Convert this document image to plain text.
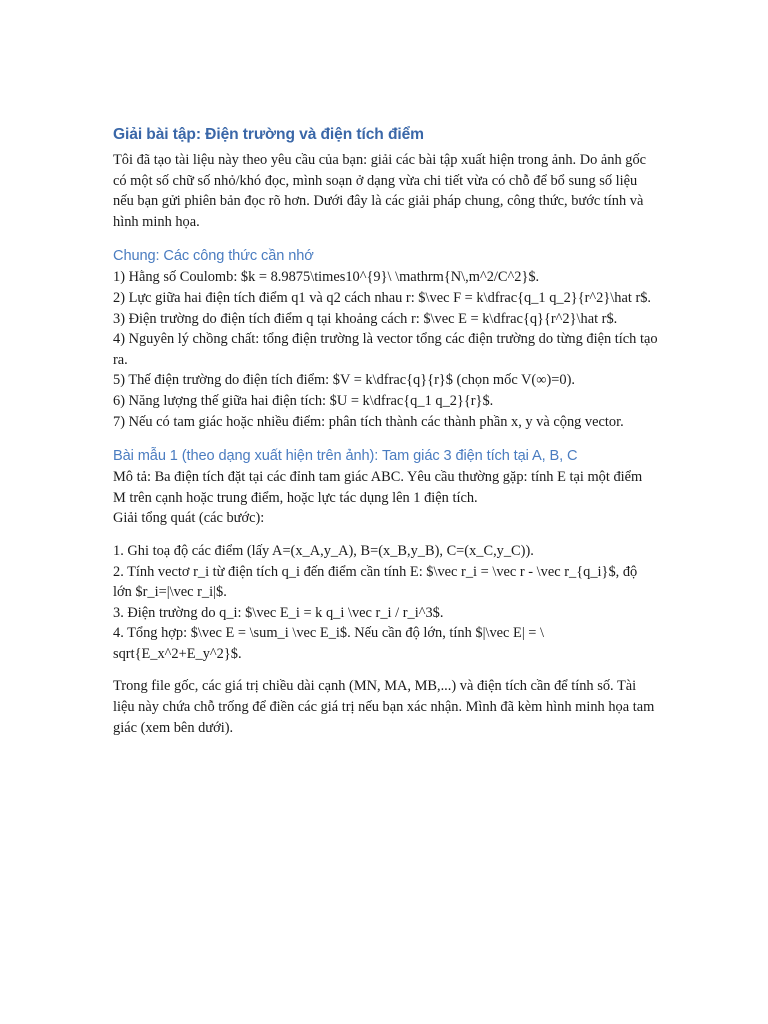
Giải bài tập: Điện trường và điện tích điểm

Tôi đã tạo tài liệu này theo yêu cầu của bạn: giải các bài tập xuất hiện trong ảnh. Do ảnh gốc có một số chữ số nhỏ/khó đọc, mình soạn ở dạng vừa chi tiết vừa có chỗ để bổ sung số liệu nếu bạn gửi phiên bản đọc rõ hơn. Dưới đây là các giải pháp chung, công thức, bước tính và hình minh họa.

Chung: Các công thức cần nhớ

1) Hằng số Coulomb: $k = 8.9875\times10^{9}\ \mathrm{N\,m^2/C^2}$.

2) Lực giữa hai điện tích điểm q1 và q2 cách nhau r: $\vec F = k\dfrac{q_1 q_2}{r^2}\hat r$.

3) Điện trường do điện tích điểm q tại khoảng cách r: $\vec E = k\dfrac{q}{r^2}\hat r$.

4) Nguyên lý chồng chất: tổng điện trường là vector tổng các điện trường do từng điện tích tạo ra.

5) Thế điện trường do điện tích điểm: $V = k\dfrac{q}{r}$ (chọn mốc V(∞)=0).

6) Năng lượng thế giữa hai điện tích: $U = k\dfrac{q_1 q_2}{r}$.

7) Nếu có tam giác hoặc nhiều điểm: phân tích thành các thành phần x, y và cộng vector.

Bài mẫu 1 (theo dạng xuất hiện trên ảnh): Tam giác 3 điện tích tại A, B, C

Mô tả: Ba điện tích đặt tại các đỉnh tam giác ABC. Yêu cầu thường gặp: tính E tại một điểm M trên cạnh hoặc trung điểm, hoặc lực tác dụng lên 1 điện tích.

Giải tổng quát (các bước):

1. Ghi toạ độ các điểm (lấy A=(x_A,y_A), B=(x_B,y_B), C=(x_C,y_C)).

2. Tính vectơ r_i từ điện tích q_i đến điểm cần tính E: $\vec r_i = \vec r - \vec r_{q_i}$, độ lớn $r_i=|\vec r_i|$.

3. Điện trường do q_i: $\vec E_i = k q_i \vec r_i / r_i^3$.

4. Tổng hợp: $\vec E = \sum_i \vec E_i$. Nếu cần độ lớn, tính $|\vec E| = \ sqrt{E_x^2+E_y^2}$.

Trong file gốc, các giá trị chiều dài cạnh (MN, MA, MB,...) và điện tích cần để tính số. Tài liệu này chứa chỗ trống để điền các giá trị nếu bạn xác nhận. Mình đã kèm hình minh họa tam giác (xem bên dưới).
